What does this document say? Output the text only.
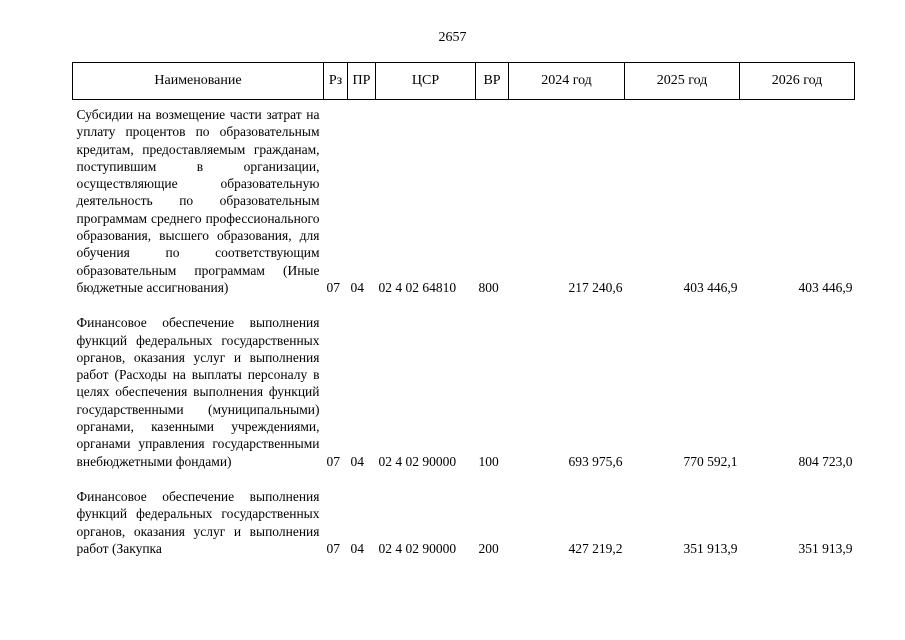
2657
Наименование	Рз	ПР	ЦСР	ВР	2024 год	2025 год	2026 год
Субсидии на возмещение части затрат на уплату процентов по образовательным кредитам, предоставляемым гражданам, поступившим в организации, осуществляющие образовательную деятельность по образовательным программам среднего профессионального образования, высшего образования, для обучения по соответствующим образовательным программам (Иные бюджетные ассигнования)	07	04	02 4 02 64810	800	217 240,6	403 446,9	403 446,9
Финансовое обеспечение выполнения функций федеральных государственных органов, оказания услуг и выполнения работ (Расходы на выплаты персоналу в целях обеспечения выполнения функций государственными (муниципальными) органами, казенными учреждениями, органами управления государственными внебюджетными фондами)	07	04	02 4 02 90000	100	693 975,6	770 592,1	804 723,0
Финансовое обеспечение выполнения функций федеральных государственных органов, оказания услуг и выполнения работ (Закупка	07	04	02 4 02 90000	200	427 219,2	351 913,9	351 913,9
